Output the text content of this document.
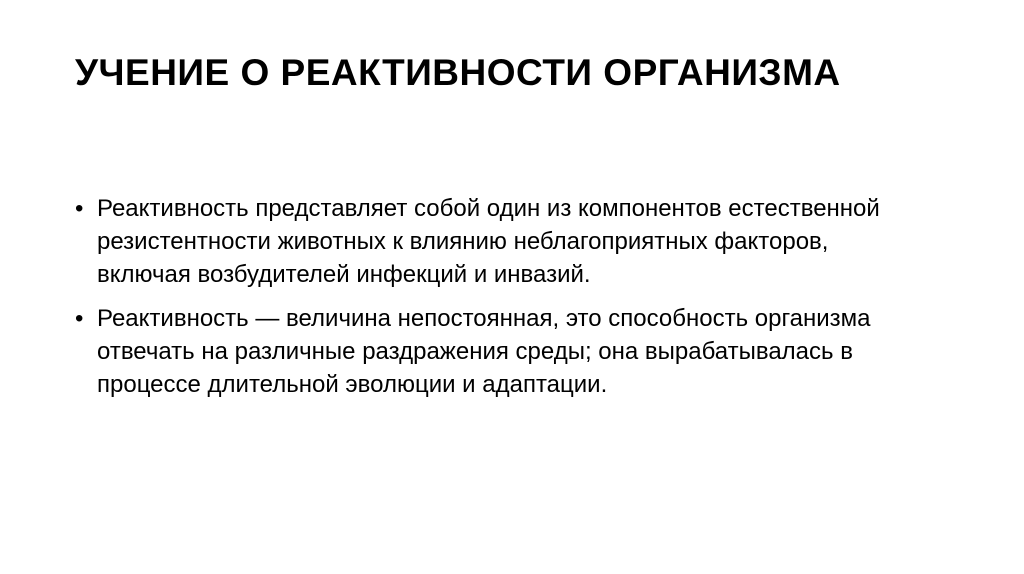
УЧЕНИЕ О РЕАКТИВНОСТИ ОРГАНИЗМА
• Реактивность представляет собой один из компонентов естественной резистентности животных к влиянию неблагоприятных факторов, включая возбудителей инфекций и инвазий.
• Реактивность — величина непостоянная, это способность организма отвечать на различные раздражения среды; она вырабатывалась в процессе длительной эволюции и адаптации.
